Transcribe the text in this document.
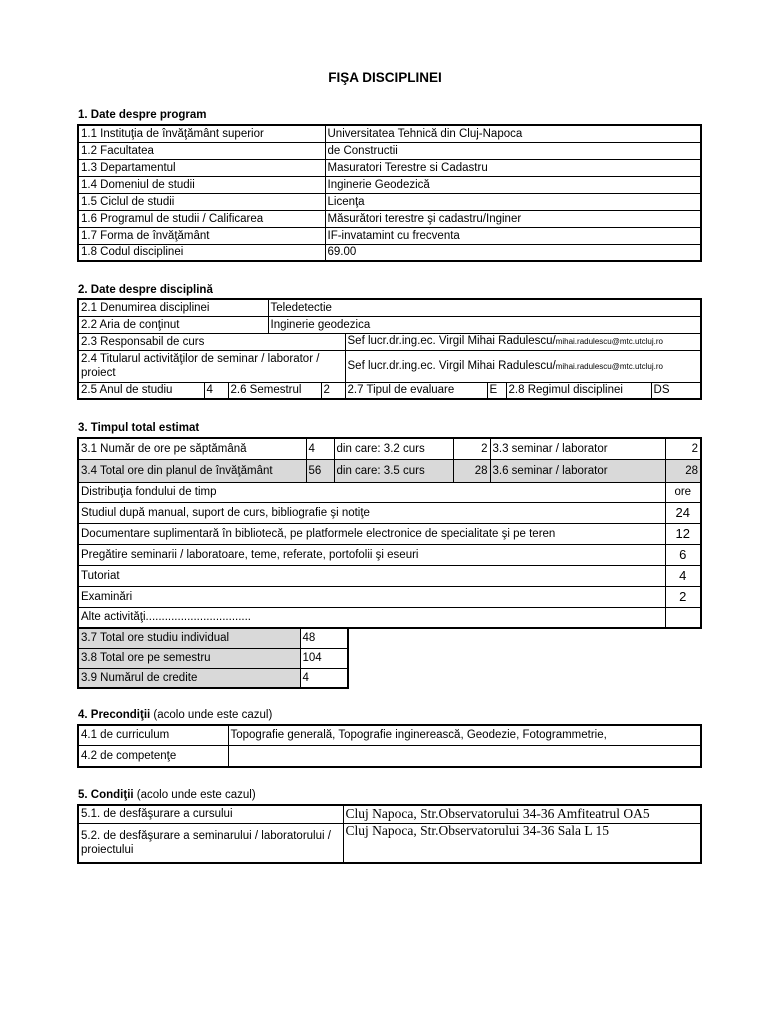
FIŞA DISCIPLINEI
1. Date despre program
1.1 Instituţia de învăţământ superior	Universitatea Tehnică din Cluj-Napoca
1.2 Facultatea	de Constructii
1.3 Departamentul	Masuratori Terestre si Cadastru
1.4 Domeniul de studii	Inginerie Geodezică
1.5 Ciclul de studii	Licenţa
1.6 Programul de studii / Calificarea	Măsurători terestre şi cadastru/Inginer
1.7 Forma de învăţământ	IF-invatamint cu frecventa
1.8 Codul disciplinei	69.00
2. Date despre disciplină
2.1 Denumirea disciplinei			Teledetectie					
2.2 Aria de conţinut			Inginerie geodezica					
2.3 Responsabil de curs					Sef lucr.dr.ing.ec. Virgil Mihai Radulescu/mihai.radulescu@mtc.utcluj.ro			
2.4 Titularul activităţilor de seminar / laborator / proiect					Sef lucr.dr.ing.ec. Virgil Mihai Radulescu/mihai.radulescu@mtc.utcluj.ro			
2.5 Anul de studiu	4	2.6 Semestrul		2	2.7 Tipul de evaluare	E	2.8 Regimul disciplinei	DS
3. Timpul total estimat
3.1 Număr de ore pe săptămână	4	din care: 3.2 curs	2	3.3 seminar / laborator	2
3.4 Total ore din planul de învăţământ	56	din care: 3.5 curs	28	3.6 seminar / laborator	28
Distribuţia fondului de timp					ore
Studiul după manual, suport de curs, bibliografie şi notiţe					24
Documentare suplimentară în bibliotecă, pe platformele electronice de specialitate şi pe teren					12
Pregătire seminarii / laboratoare, teme, referate, portofolii şi eseuri					6
Tutoriat					4
Examinări					2
Alte activităţi.................................					
3.7 Total ore studiu individual	48
3.8 Total ore pe semestru	104
3.9 Numărul de credite	4
4. Precondiţii (acolo unde este cazul)
4.1 de curriculum	Topografie generală, Topografie inginerească, Geodezie, Fotogrammetrie,
4.2 de competenţe	
5. Condiţii (acolo unde este cazul)
5.1. de desfăşurare a cursului	Cluj Napoca, Str.Observatorului 34-36 Amfiteatrul OA5
5.2. de desfăşurare a seminarului / laboratorului / proiectului	Cluj Napoca, Str.Observatorului 34-36 Sala L 15
